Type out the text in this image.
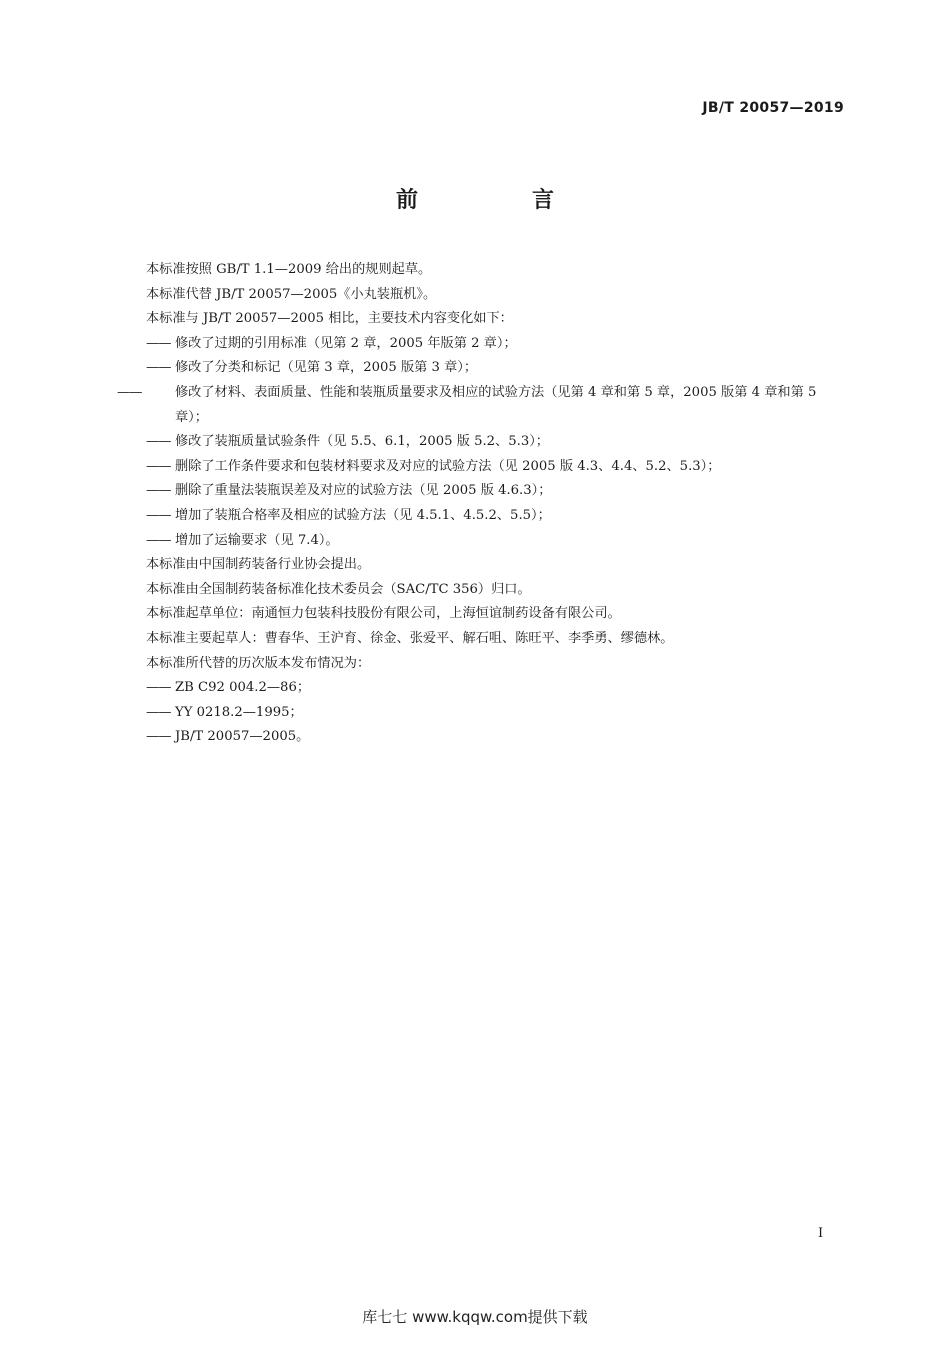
JB/T 20057—2019
前　言
本标准按照 GB/T 1.1—2009 给出的规则起草。
本标准代替 JB/T 20057—2005《小丸装瓶机》。
本标准与 JB/T 20057—2005 相比，主要技术内容变化如下：
—— 修改了过期的引用标准（见第 2 章，2005 年版第 2 章）；
—— 修改了分类和标记（见第 3 章，2005 版第 3 章）；
——	修改了材料、表面质量、性能和装瓶质量要求及相应的试验方法（见第 4 章和第 5 章，2005 版第 4 章和第 5 章）；
—— 修改了装瓶质量试验条件（见 5.5、6.1，2005 版 5.2、5.3）；
—— 删除了工作条件要求和包装材料要求及对应的试验方法（见 2005 版 4.3、4.4、5.2、5.3）；
—— 删除了重量法装瓶误差及对应的试验方法（见 2005 版 4.6.3）；
—— 增加了装瓶合格率及相应的试验方法（见 4.5.1、4.5.2、5.5）；
—— 增加了运输要求（见 7.4）。
本标准由中国制药装备行业协会提出。
本标准由全国制药装备标准化技术委员会（SAC/TC 356）归口。
本标准起草单位：南通恒力包装科技股份有限公司，上海恒谊制药设备有限公司。
本标准主要起草人：曹春华、王沪育、徐金、张爱平、解石咀、陈旺平、李季勇、缪德林。
本标准所代替的历次版本发布情况为：
—— ZB C92 004.2—86；
—— YY 0218.2—1995；
—— JB/T 20057—2005。
I
库七七 www.kqqw.com提供下载
